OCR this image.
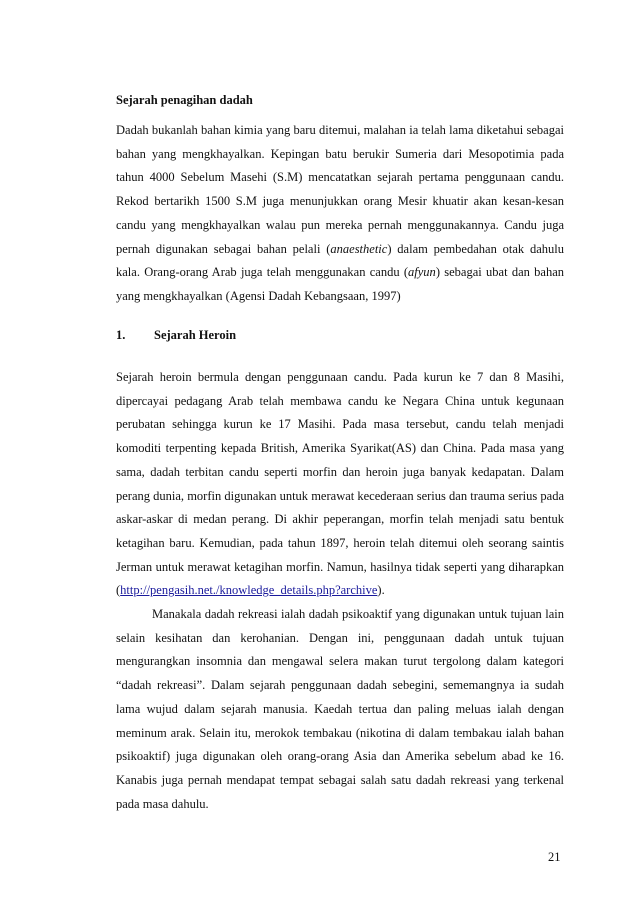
Sejarah penagihan dadah

Dadah bukanlah bahan kimia yang baru ditemui, malahan ia telah lama diketahui sebagai bahan yang mengkhayalkan. Kepingan batu berukir Sumeria dari Mesopotimia pada tahun 4000 Sebelum Masehi (S.M) mencatatkan sejarah pertama penggunaan candu. Rekod bertarikh 1500 S.M juga menunjukkan orang Mesir khuatir akan kesan-kesan candu yang mengkhayalkan walau pun mereka pernah menggunakannya. Candu juga pernah digunakan sebagai bahan pelali (anaesthetic) dalam pembedahan otak dahulu kala. Orang-orang Arab juga telah menggunakan candu (afyun) sebagai ubat dan bahan yang mengkhayalkan (Agensi Dadah Kebangsaan, 1997)

1. Sejarah Heroin

Sejarah heroin bermula dengan penggunaan candu. Pada kurun ke 7 dan 8 Masihi, dipercayai pedagang Arab telah membawa candu ke Negara China untuk kegunaan perubatan sehingga kurun ke 17 Masihi. Pada masa tersebut, candu telah menjadi komoditi terpenting kepada British, Amerika Syarikat(AS) dan China. Pada masa yang sama, dadah terbitan candu seperti morfin dan heroin juga banyak kedapatan. Dalam perang dunia, morfin digunakan untuk merawat kecederaan serius dan trauma serius pada askar-askar di medan perang. Di akhir peperangan, morfin telah menjadi satu bentuk ketagihan baru. Kemudian, pada tahun 1897, heroin telah ditemui oleh seorang saintis Jerman untuk merawat ketagihan morfin. Namun, hasilnya tidak seperti yang diharapkan (http://pengasih.net./knowledge_details.php?archive).

Manakala dadah rekreasi ialah dadah psikoaktif yang digunakan untuk tujuan lain selain kesihatan dan kerohanian. Dengan ini, penggunaan dadah untuk tujuan mengurangkan insomnia dan mengawal selera makan turut tergolong dalam kategori “dadah rekreasi”. Dalam sejarah penggunaan dadah sebegini, sememangnya ia sudah lama wujud dalam sejarah manusia. Kaedah tertua dan paling meluas ialah dengan meminum arak. Selain itu, merokok tembakau (nikotina di dalam tembakau ialah bahan psikoaktif) juga digunakan oleh orang-orang Asia dan Amerika sebelum abad ke 16. Kanabis juga pernah mendapat tempat sebagai salah satu dadah rekreasi yang terkenal pada masa dahulu.

21
